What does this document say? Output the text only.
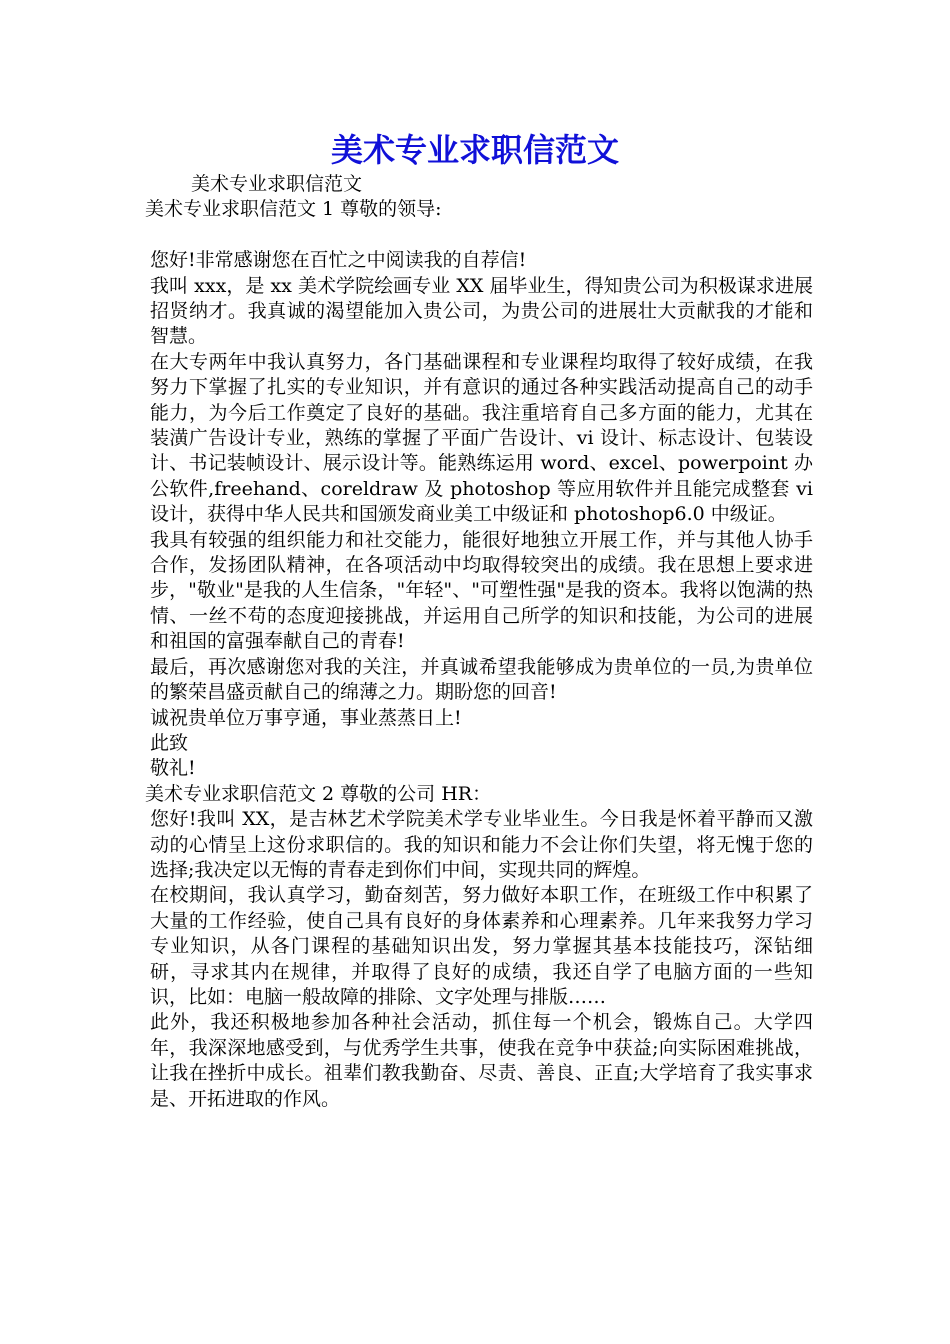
美术专业求职信范文

美术专业求职信范文

美术专业求职信范文 1 尊敬的领导:

您好!非常感谢您在百忙之中阅读我的自荐信!

我叫 xxx，是 xx 美术学院绘画专业 XX 届毕业生，得知贵公司为积极谋求进展招贤纳才。我真诚的渴望能加入贵公司，为贵公司的进展壮大贡献我的才能和智慧。

在大专两年中我认真努力，各门基础课程和专业课程均取得了较好成绩，在我努力下掌握了扎实的专业知识，并有意识的通过各种实践活动提高自己的动手能力，为今后工作奠定了良好的基础。我注重培育自己多方面的能力，尤其在装潢广告设计专业，熟练的掌握了平面广告设计、vi 设计、标志设计、包装设计、书记装帧设计、展示设计等。能熟练运用 word、excel、powerpoint 办公软件,freehand、coreldraw 及 photoshop 等应用软件并且能完成整套 vi 设计，获得中华人民共和国颁发商业美工中级证和 photoshop6.0 中级证。

我具有较强的组织能力和社交能力，能很好地独立开展工作，并与其他人协手合作，发扬团队精神，在各项活动中均取得较突出的成绩。我在思想上要求进步，"敬业"是我的人生信条，"年轻"、"可塑性强"是我的资本。我将以饱满的热情、一丝不苟的态度迎接挑战，并运用自己所学的知识和技能，为公司的进展和祖国的富强奉献自己的青春!

最后，再次感谢您对我的关注，并真诚希望我能够成为贵单位的一员,为贵单位的繁荣昌盛贡献自己的绵薄之力。期盼您的回音!

诚祝贵单位万事亨通，事业蒸蒸日上!

此致

敬礼!

美术专业求职信范文 2 尊敬的公司 HR：

您好!我叫 XX，是吉林艺术学院美术学专业毕业生。今日我是怀着平静而又激动的心情呈上这份求职信的。我的知识和能力不会让你们失望，将无愧于您的选择;我决定以无悔的青春走到你们中间，实现共同的辉煌。

在校期间，我认真学习，勤奋刻苦，努力做好本职工作，在班级工作中积累了大量的工作经验，使自己具有良好的身体素养和心理素养。几年来我努力学习专业知识，从各门课程的基础知识出发，努力掌握其基本技能技巧，深钻细研，寻求其内在规律，并取得了良好的成绩，我还自学了电脑方面的一些知识，比如：电脑一般故障的排除、文字处理与排版……

此外，我还积极地参加各种社会活动，抓住每一个机会，锻炼自己。大学四年，我深深地感受到，与优秀学生共事，使我在竞争中获益;向实际困难挑战，让我在挫折中成长。祖辈们教我勤奋、尽责、善良、正直;大学培育了我实事求是、开拓进取的作风。
